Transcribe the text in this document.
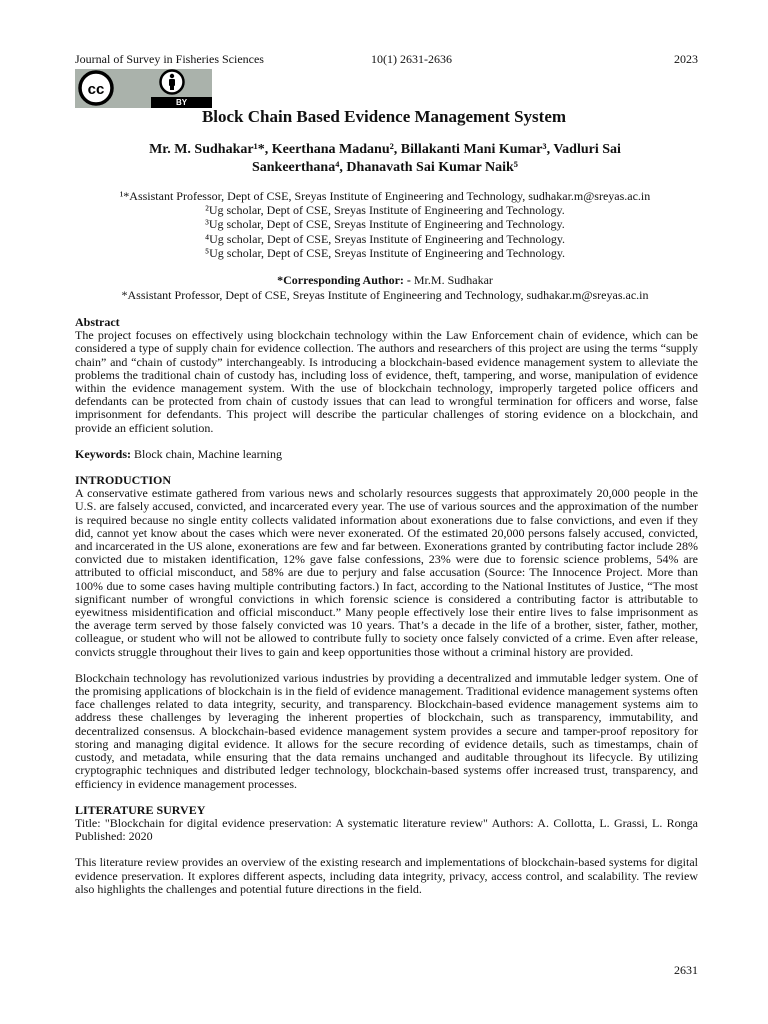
Journal of Survey in Fisheries Sciences	10(1) 2631-2636	2023
cc
BY
Block Chain Based Evidence Management System
Mr. M. Sudhakar¹*, Keerthana Madanu², Billakanti Mani Kumar³, Vadluri Sai
Sankeerthana⁴, Dhanavath Sai Kumar Naik⁵
¹*Assistant Professor, Dept of CSE, Sreyas Institute of Engineering and Technology, sudhakar.m@sreyas.ac.in
²Ug scholar, Dept of CSE, Sreyas Institute of Engineering and Technology.
³Ug scholar, Dept of CSE, Sreyas Institute of Engineering and Technology.
⁴Ug scholar, Dept of CSE, Sreyas Institute of Engineering and Technology.
⁵Ug scholar, Dept of CSE, Sreyas Institute of Engineering and Technology.
*Corresponding Author: - Mr.M. Sudhakar
*Assistant Professor, Dept of CSE, Sreyas Institute of Engineering and Technology, sudhakar.m@sreyas.ac.in
Abstract

The project focuses on effectively using blockchain technology within the Law Enforcement chain of evidence, which can be considered a type of supply chain for evidence collection. The authors and researchers of this project are using the terms “supply chain” and “chain of custody” interchangeably. Is introducing a blockchain-based evidence management system to alleviate the problems the traditional chain of custody has, including loss of evidence, theft, tampering, and worse, manipulation of evidence within the evidence management system. With the use of blockchain technology, improperly targeted police officers and defendants can be protected from chain of custody issues that can lead to wrongful termination for officers and worse, false imprisonment for defendants. This project will describe the particular challenges of storing evidence on a blockchain, and provide an efficient solution.

Keywords: Block chain, Machine learning

INTRODUCTION

A conservative estimate gathered from various news and scholarly resources suggests that approximately 20,000 people in the U.S. are falsely accused, convicted, and incarcerated every year. The use of various sources and the approximation of the number is required because no single entity collects validated information about exonerations due to false convictions, and even if they did, cannot yet know about the cases which were never exonerated. Of the estimated 20,000 persons falsely accused, convicted, and incarcerated in the US alone, exonerations are few and far between. Exonerations granted by contributing factor include 28% convicted due to mistaken identification, 12% gave false confessions, 23% were due to forensic science problems, 54% are attributed to official misconduct, and 58% are due to perjury and false accusation (Source: The Innocence Project. More than 100% due to some cases having multiple contributing factors.) In fact, according to the National Institutes of Justice, “The most significant number of wrongful convictions in which forensic science is considered a contributing factor is attributable to eyewitness misidentification and official misconduct.” Many people effectively lose their entire lives to false imprisonment as the average term served by those falsely convicted was 10 years. That’s a decade in the life of a brother, sister, father, mother, colleague, or student who will not be allowed to contribute fully to society once falsely convicted of a crime. Even after release, convicts struggle throughout their lives to gain and keep opportunities those without a criminal history are provided.

Blockchain technology has revolutionized various industries by providing a decentralized and immutable ledger system. One of the promising applications of blockchain is in the field of evidence management. Traditional evidence management systems often face challenges related to data integrity, security, and transparency. Blockchain-based evidence management systems aim to address these challenges by leveraging the inherent properties of blockchain, such as transparency, immutability, and decentralized consensus. A blockchain-based evidence management system provides a secure and tamper-proof repository for storing and managing digital evidence. It allows for the secure recording of evidence details, such as timestamps, chain of custody, and metadata, while ensuring that the data remains unchanged and auditable throughout its lifecycle. By utilizing cryptographic techniques and distributed ledger technology, blockchain-based systems offer increased trust, transparency, and efficiency in evidence management processes.

LITERATURE SURVEY

Title: "Blockchain for digital evidence preservation: A systematic literature review" Authors: A. Collotta, L. Grassi, L. Ronga Published: 2020

This literature review provides an overview of the existing research and implementations of blockchain-based systems for digital evidence preservation. It explores different aspects, including data integrity, privacy, access control, and scalability. The review also highlights the challenges and potential future directions in the field.

2631
